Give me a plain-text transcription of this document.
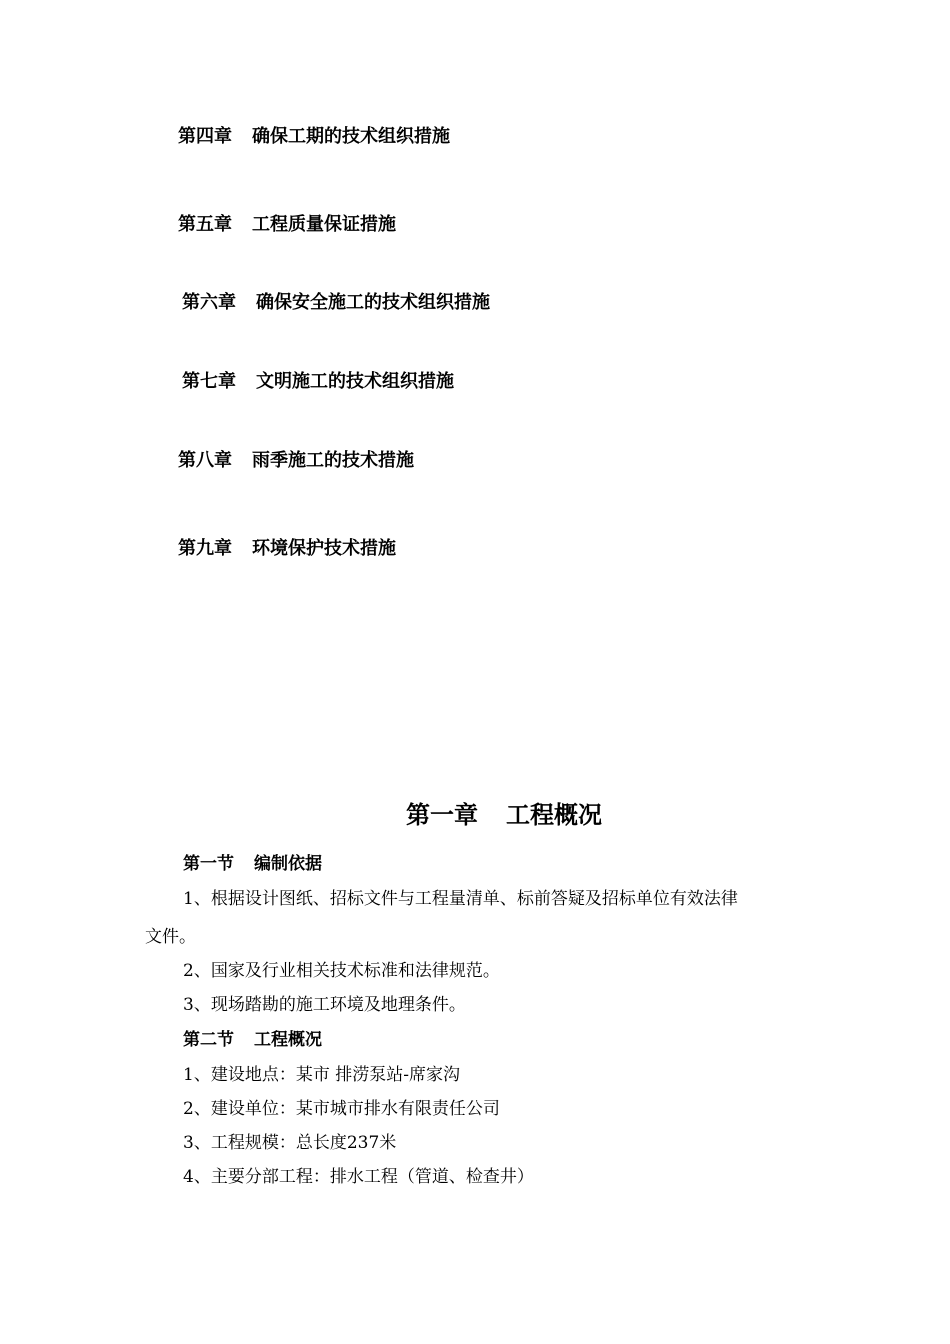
第四章 确保工期的技术组织措施
第五章 工程质量保证措施
第六章 确保安全施工的技术组织措施
第七章 文明施工的技术组织措施
第八章 雨季施工的技术措施
第九章 环境保护技术措施
第一章 工程概况
第一节 编制依据
1、根据设计图纸、招标文件与工程量清单、标前答疑及招标单位有效法律
文件。
2、国家及行业相关技术标准和法律规范。
3、现场踏勘的施工环境及地理条件。
第二节 工程概况
1、建设地点：某市 排涝泵站-席家沟
2、建设单位：某市城市排水有限责任公司
3、工程规模：总长度237米
4、主要分部工程：排水工程（管道、检查井）
